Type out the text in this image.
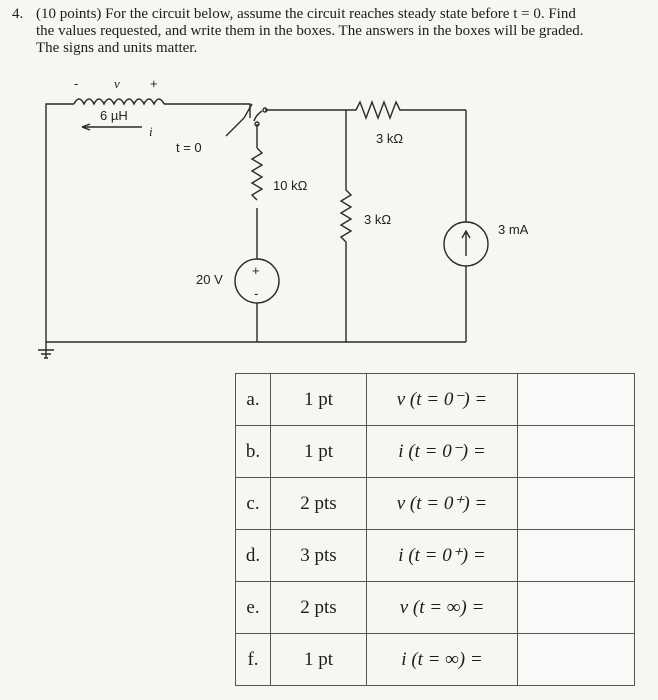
4. (10 points) For the circuit below, assume the circuit reaches steady state before t = 0. Find
the values requested, and write them in the boxes. The answers in the boxes will be graded.
The signs and units matter.
-	v +
6 µH
i
t = 0
10 kΩ
3 kΩ
3 kΩ
3 mA
20 V
+
-
a.	1 pt	v (t = 0⁻) =	
b.	1 pt	i (t = 0⁻) =	
c.	2 pts	v (t = 0⁺) =	
d.	3 pts	i (t = 0⁺) =	
e.	2 pts	v (t = ∞) =	
f.	1 pt	i (t = ∞) =	
